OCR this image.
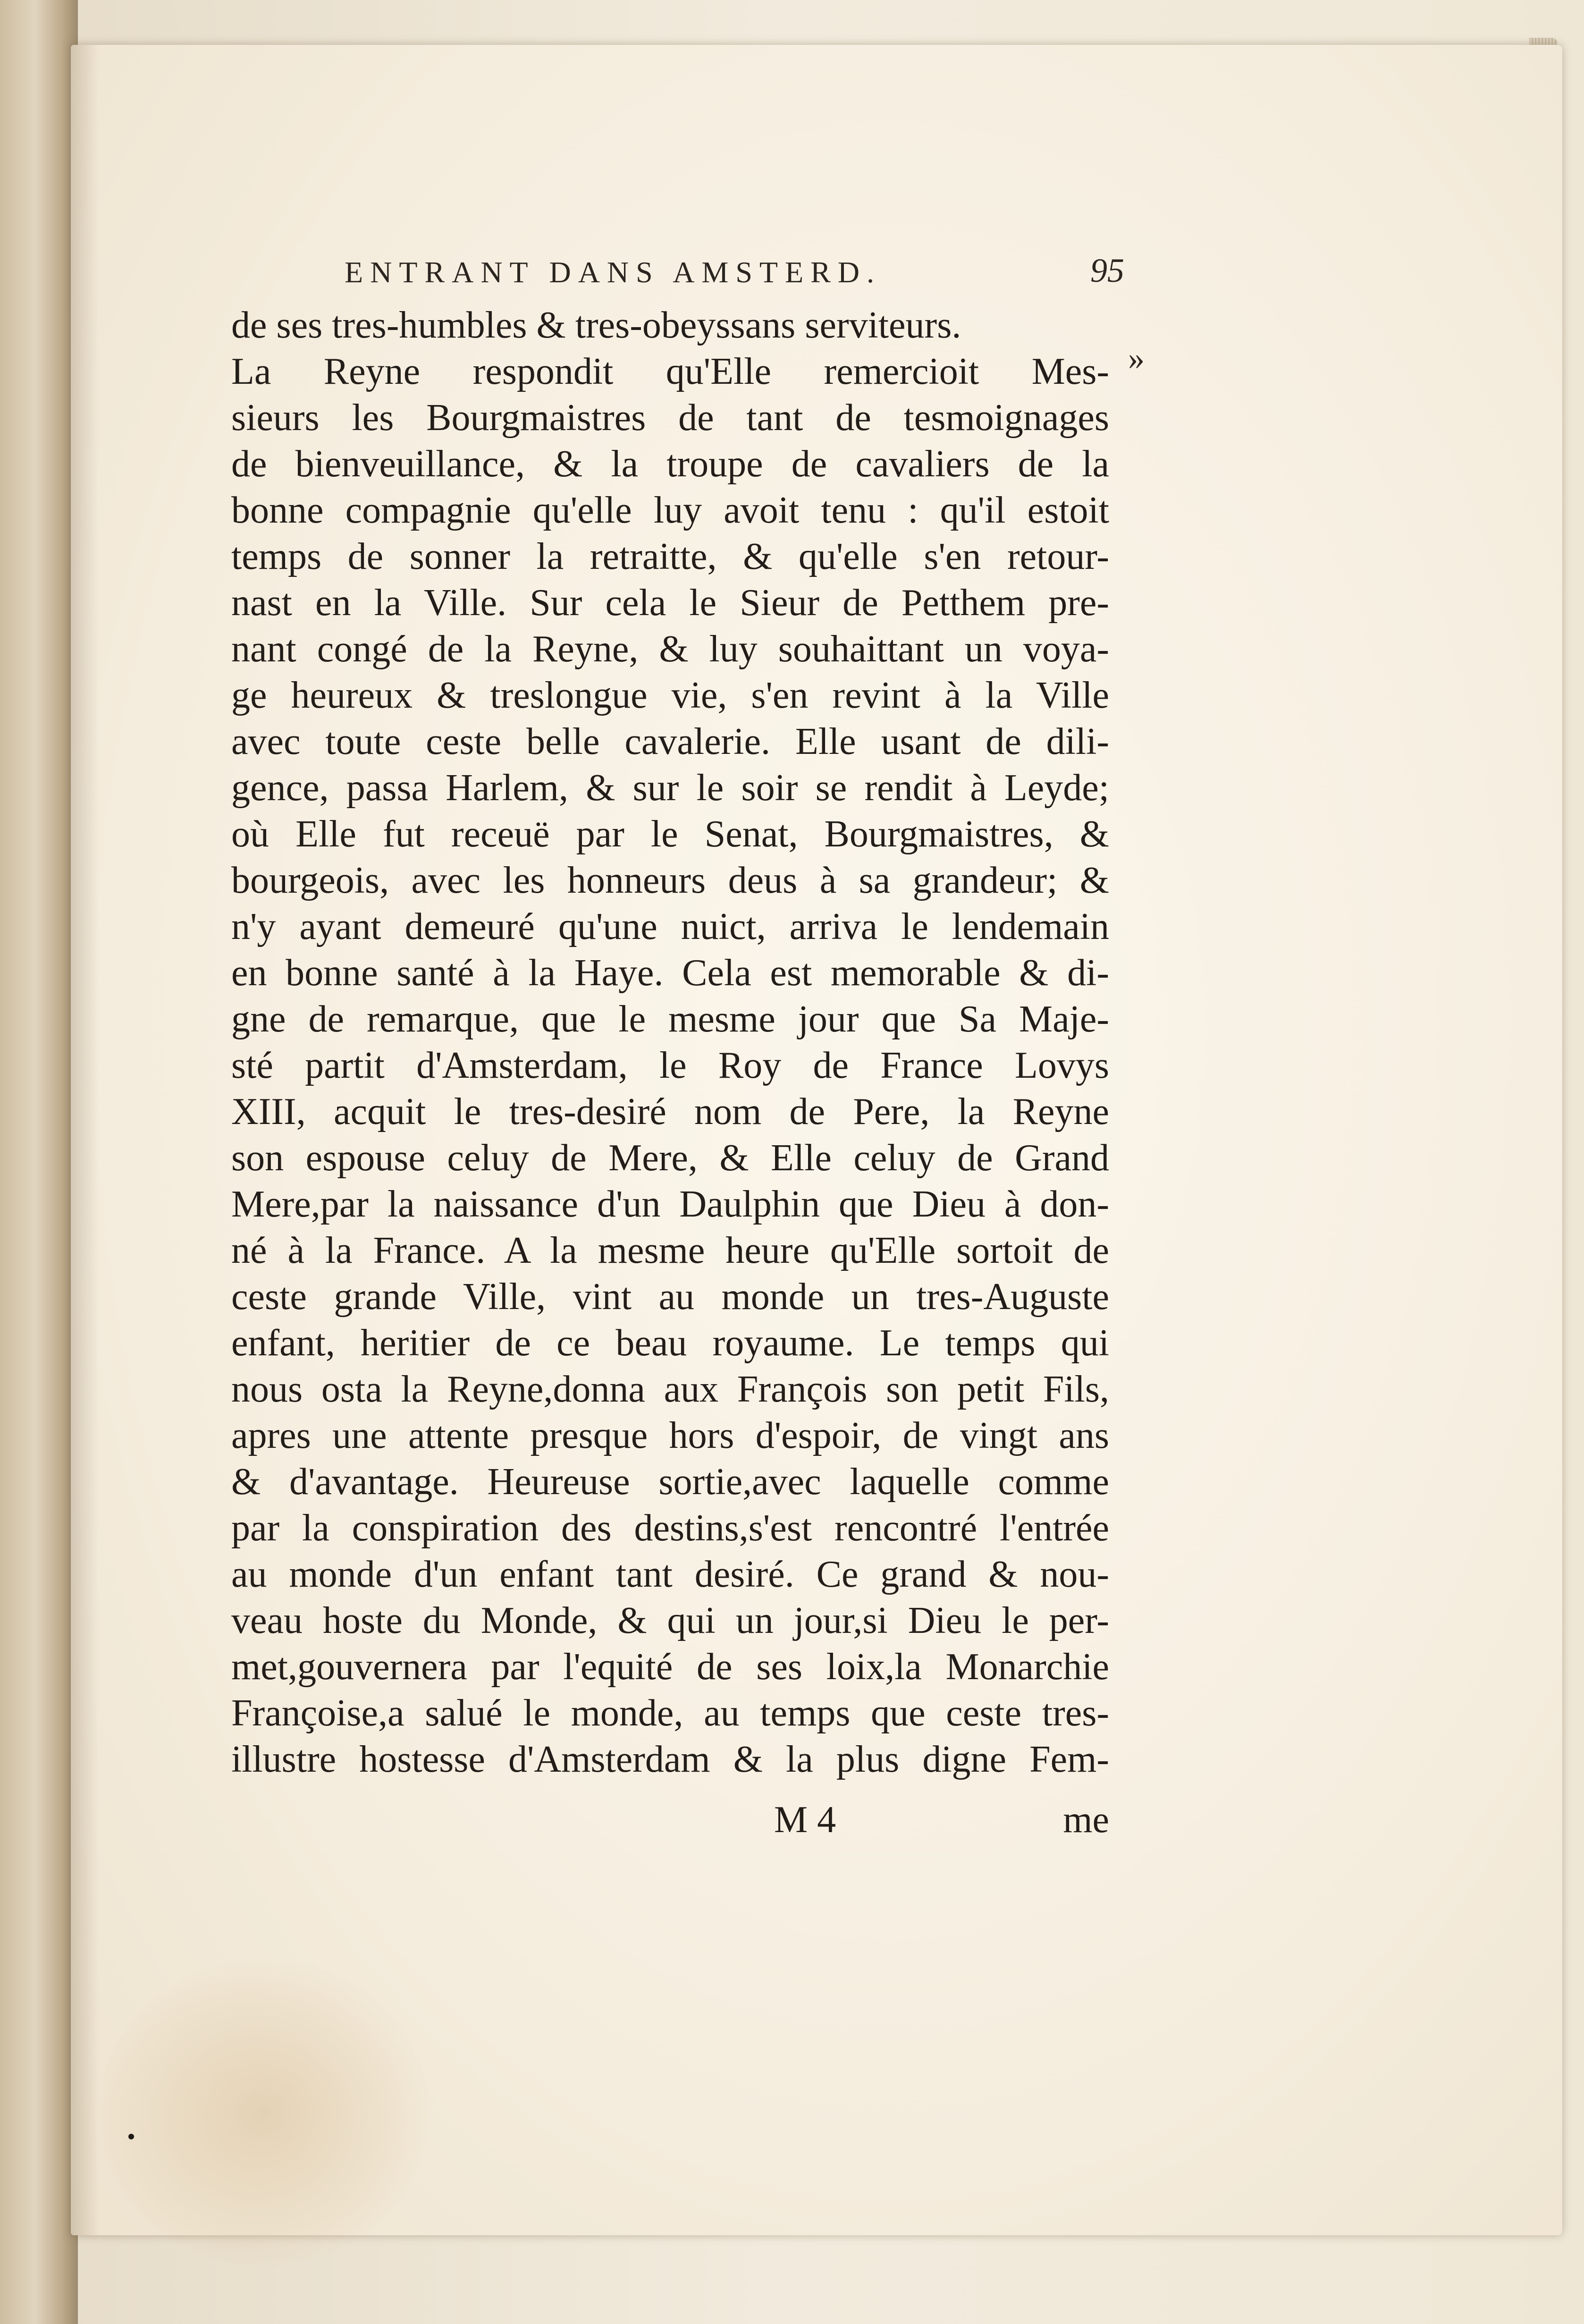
ENTRANT DANS AMSTERD.	95
»
de ses tres-humbles & tres-obeyssans serviteurs.
La Reyne respondit qu'Elle remercioit Mes-
sieurs les Bourgmaistres de tant de tesmoignages
de bienveuillance, & la troupe de cavaliers de la
bonne compagnie qu'elle luy avoit tenu : qu'il estoit
temps de sonner la retraitte, & qu'elle s'en retour-
nast en la Ville. Sur cela le Sieur de Petthem pre-
nant congé de la Reyne, & luy souhaittant un voya-
ge heureux & treslongue vie, s'en revint à la Ville
avec toute ceste belle cavalerie. Elle usant de dili-
gence, passa Harlem, & sur le soir se rendit à Leyde;
où Elle fut receuë par le Senat, Bourgmaistres, &
bourgeois, avec les honneurs deus à sa grandeur; &
n'y ayant demeuré qu'une nuict, arriva le lendemain
en bonne santé à la Haye. Cela est memorable & di-
gne de remarque, que le mesme jour que Sa Maje-
sté partit d'Amsterdam, le Roy de France Lovys
XIII, acquit le tres-desiré nom de Pere, la Reyne
son espouse celuy de Mere, & Elle celuy de Grand
Mere,par la naissance d'un Daulphin que Dieu à don-
né à la France. A la mesme heure qu'Elle sortoit de
ceste grande Ville, vint au monde un tres-Auguste
enfant, heritier de ce beau royaume. Le temps qui
nous osta la Reyne,donna aux François son petit Fils,
apres une attente presque hors d'espoir, de vingt ans
& d'avantage. Heureuse sortie,avec laquelle comme
par la conspiration des destins,s'est rencontré l'entrée
au monde d'un enfant tant desiré. Ce grand & nou-
veau hoste du Monde, & qui un jour,si Dieu le per-
met,gouvernera par l'equité de ses loix,la Monarchie
Françoise,a salué le monde, au temps que ceste tres-
illustre hostesse d'Amsterdam & la plus digne Fem-
M 4	me
